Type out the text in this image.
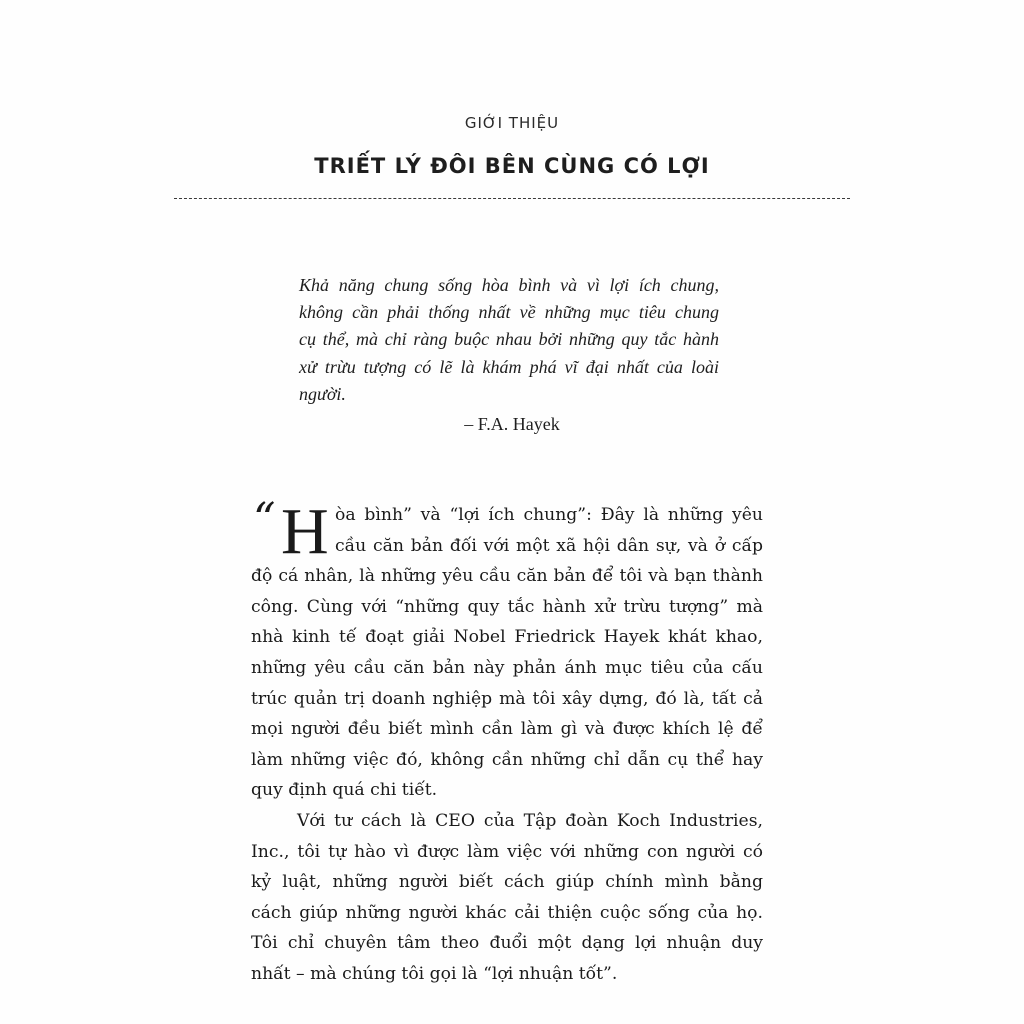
GIỚI THIỆU
TRIẾT LÝ ĐÔI BÊN CÙNG CÓ LỢI
Khả năng chung sống hòa bình và vì lợi ích chung,
không cần phải thống nhất về những mục tiêu chung
cụ thể, mà chỉ ràng buộc nhau bởi những quy tắc hành
xử trừu tượng có lẽ là khám phá vĩ đại nhất của loài
người.
– F.A. Hayek
“ H òa bình” và “lợi ích chung”: Đây là những yêu
cầu căn bản đối với một xã hội dân sự, và ở cấp
độ cá nhân, là những yêu cầu căn bản để tôi và bạn thành
công. Cùng với “những quy tắc hành xử trừu tượng” mà
nhà kinh tế đoạt giải Nobel Friedrick Hayek khát khao,
những yêu cầu căn bản này phản ánh mục tiêu của cấu
trúc quản trị doanh nghiệp mà tôi xây dựng, đó là, tất cả
mọi người đều biết mình cần làm gì và được khích lệ để
làm những việc đó, không cần những chỉ dẫn cụ thể hay
quy định quá chi tiết.
Với tư cách là CEO của Tập đoàn Koch Industries,
Inc., tôi tự hào vì được làm việc với những con người có
kỷ luật, những người biết cách giúp chính mình bằng
cách giúp những người khác cải thiện cuộc sống của họ.
Tôi chỉ chuyên tâm theo đuổi một dạng lợi nhuận duy
nhất – mà chúng tôi gọi là “lợi nhuận tốt”.
